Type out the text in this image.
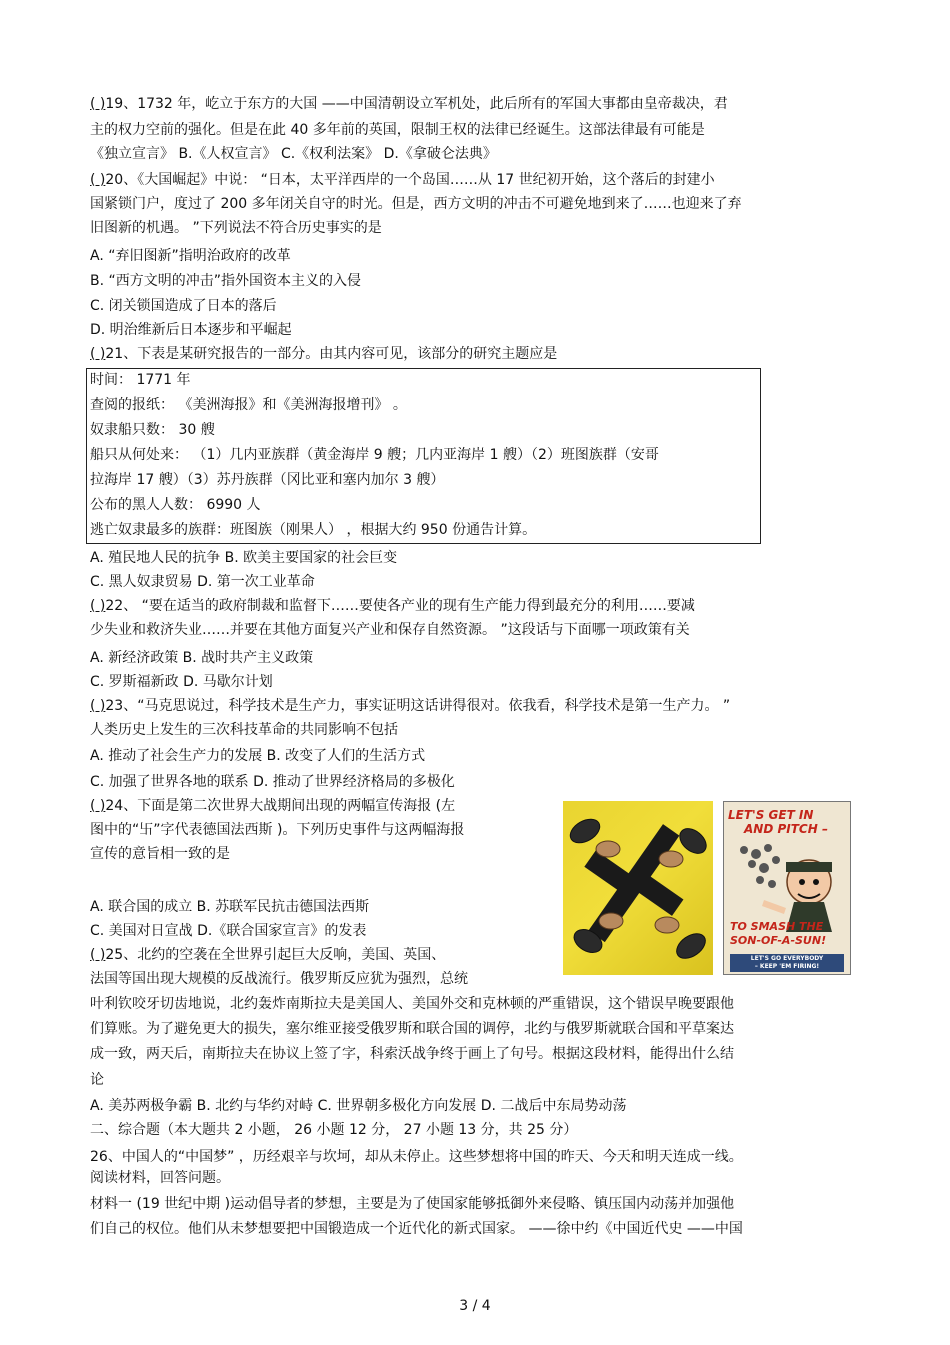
( )19、1732 年，屹立于东方的大国 ——中国清朝设立军机处，此后所有的军国大事都由皇帝裁决，君
主的权力空前的强化。但是在此 40 多年前的英国，限制王权的法律已经诞生。这部法律最有可能是
《独立宣言》 B.《人权宣言》 C.《权利法案》 D.《拿破仑法典》
( )20、《大国崛起》中说： “日本，太平洋西岸的一个岛国……从 17 世纪初开始，这个落后的封建小
国紧锁门户，度过了 200 多年闭关自守的时光。但是，西方文明的冲击不可避免地到来了……也迎来了弃
旧图新的机遇。 ”下列说法不符合历史事实的是
A. “弃旧图新”指明治政府的改革
B. “西方文明的冲击”指外国资本主义的入侵
C. 闭关锁国造成了日本的落后
D. 明治维新后日本逐步和平崛起
( )21、下表是某研究报告的一部分。由其内容可见，该部分的研究主题应是
时间： 1771 年
查阅的报纸： 《美洲海报》和《美洲海报增刊》 。
奴隶船只数： 30 艘
船只从何处来： （1）几内亚族群（黄金海岸 9 艘；几内亚海岸 1 艘）（2）班图族群（安哥
拉海岸 17 艘）（3）苏丹族群（冈比亚和塞内加尔 3 艘）
公布的黑人人数： 6990 人
逃亡奴隶最多的族群：班图族（刚果人） ，根据大约 950 份通告计算。
A. 殖民地人民的抗争 B. 欧美主要国家的社会巨变
C. 黑人奴隶贸易 D. 第一次工业革命
( )22、 “要在适当的政府制裁和监督下……要使各产业的现有生产能力得到最充分的利用……要减
少失业和救济失业……并要在其他方面复兴产业和保存自然资源。 ”这段话与下面哪一项政策有关
A. 新经济政策 B. 战时共产主义政策
C. 罗斯福新政 D. 马歇尔计划
( )23、“马克思说过，科学技术是生产力，事实证明这话讲得很对。依我看，科学技术是第一生产力。 ”
人类历史上发生的三次科技革命的共同影响不包括
A. 推动了社会生产力的发展 B. 改变了人们的生活方式
C. 加强了世界各地的联系 D. 推动了世界经济格局的多极化
( )24、下面是第二次世界大战期间出现的两幅宣传海报 (左
图中的“卐”字代表德国法西斯 )。下列历史事件与这两幅海报
宣传的意旨相一致的是
A. 联合国的成立 B. 苏联军民抗击德国法西斯
C. 美国对日宣战 D.《联合国家宣言》的发表
( )25、北约的空袭在全世界引起巨大反响，美国、英国、
法国等国出现大规模的反战流行。俄罗斯反应犹为强烈，总统
叶利钦咬牙切齿地说，北约轰炸南斯拉夫是美国人、美国外交和克林顿的严重错误，这个错误早晚要跟他
们算账。为了避免更大的损失，塞尔维亚接受俄罗斯和联合国的调停，北约与俄罗斯就联合国和平草案达
成一致，两天后，南斯拉夫在协议上签了字，科索沃战争终于画上了句号。根据这段材料，能得出什么结
论
A. 美苏两极争霸 B. 北约与华约对峙 C. 世界朝多极化方向发展 D. 二战后中东局势动荡
二、综合题（本大题共 2 小题， 26 小题 12 分， 27 小题 13 分，共 25 分）
26、中国人的“中国梦” ，历经艰辛与坎坷，却从未停止。这些梦想将中国的昨天、今天和明天连成一线。
阅读材料，回答问题。
材料一 (19 世纪中期 )运动倡导者的梦想，主要是为了使国家能够抵御外来侵略、镇压国内动荡并加强他
们自己的权位。他们从未梦想要把中国锻造成一个近代化的新式国家。 ——徐中约《中国近代史 ——中国
LET'S GET IN
AND PITCH –
TO SMASH THE
SON-OF-A-SUN!
LET'S GO EVERYBODY
– KEEP 'EM FIRING!
3 / 4
